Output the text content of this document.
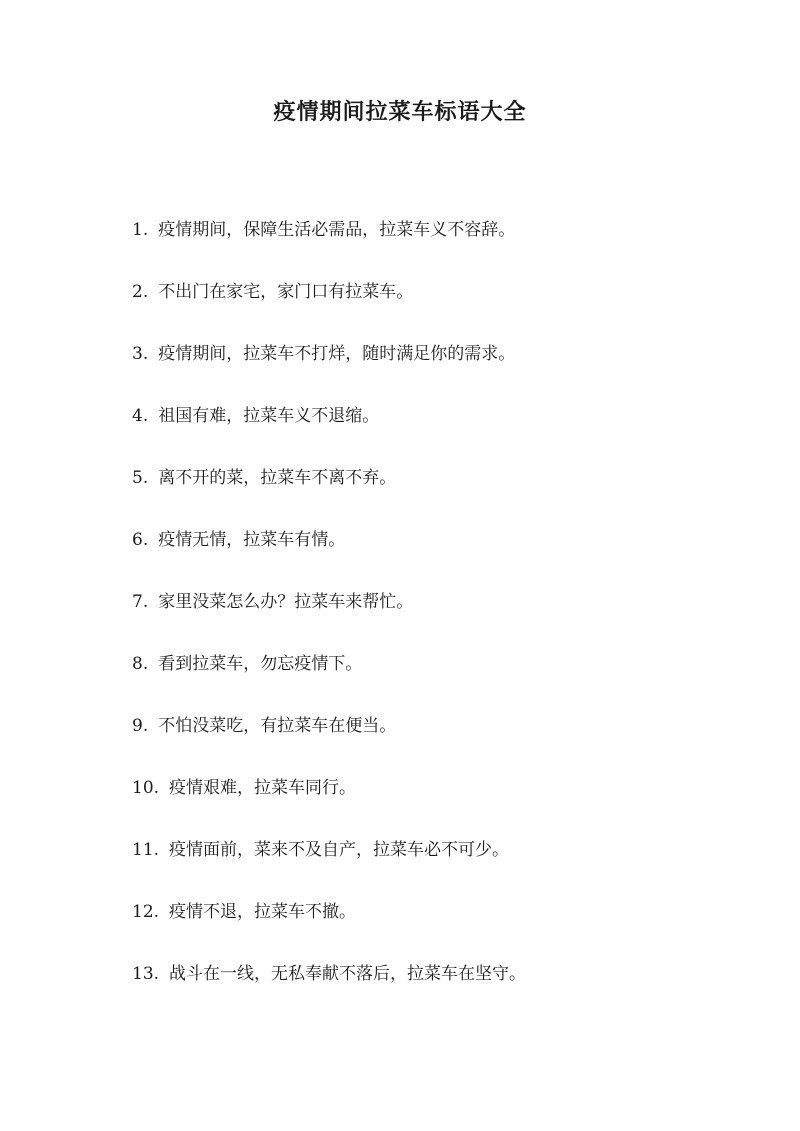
疫情期间拉菜车标语大全
1. 疫情期间，保障生活必需品，拉菜车义不容辞。
2. 不出门在家宅，家门口有拉菜车。
3. 疫情期间，拉菜车不打烊，随时满足你的需求。
4. 祖国有难，拉菜车义不退缩。
5. 离不开的菜，拉菜车不离不弃。
6. 疫情无情，拉菜车有情。
7. 家里没菜怎么办？拉菜车来帮忙。
8. 看到拉菜车，勿忘疫情下。
9. 不怕没菜吃，有拉菜车在便当。
10. 疫情艰难，拉菜车同行。
11. 疫情面前，菜来不及自产，拉菜车必不可少。
12. 疫情不退，拉菜车不撤。
13. 战斗在一线，无私奉献不落后，拉菜车在坚守。
